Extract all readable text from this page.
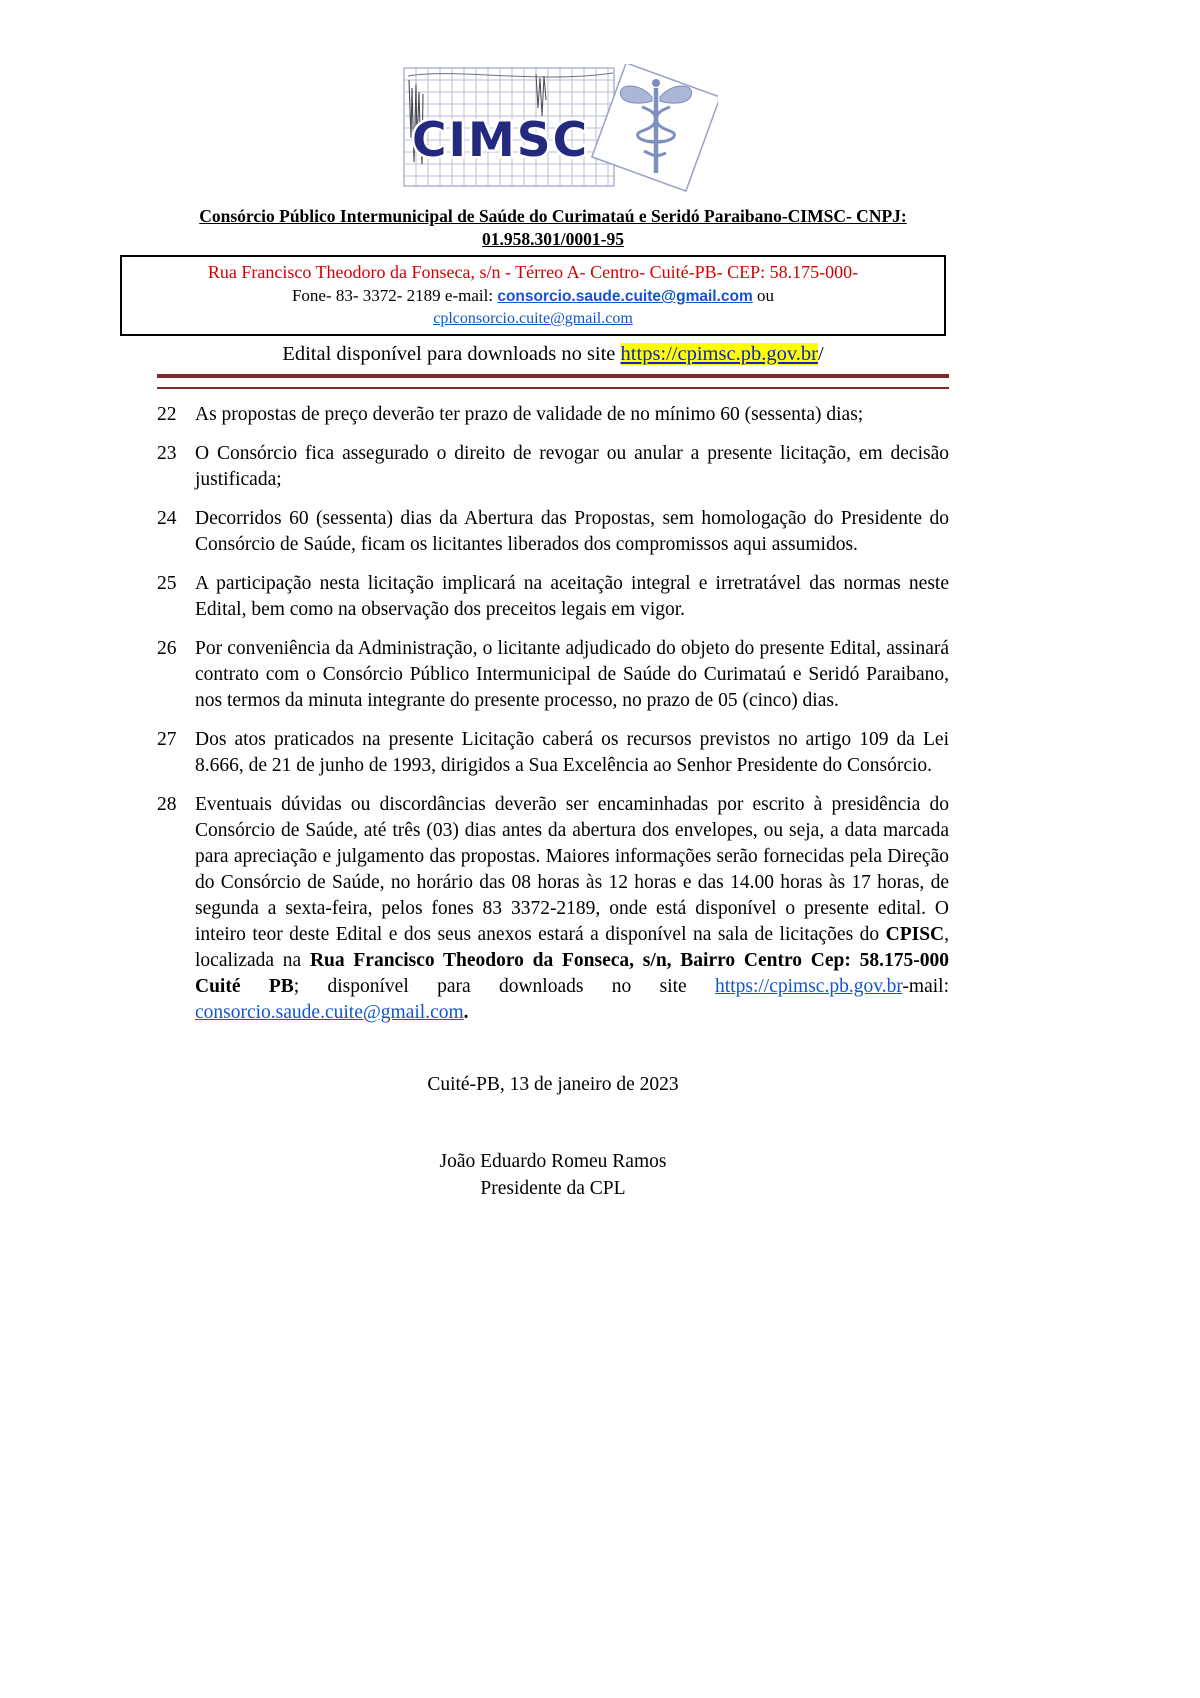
CIMSC
Consórcio Público Intermunicipal de Saúde do Curimataú e Seridó Paraibano-CIMSC- CNPJ:
01.958.301/0001-95
Rua Francisco Theodoro da Fonseca, s/n - Térreo A- Centro- Cuité-PB- CEP: 58.175-000-
Fone- 83- 3372- 2189 e-mail: consorcio.saude.cuite@gmail.com ou
cplconsorcio.cuite@gmail.com
Edital disponível para downloads no site https://cpimsc.pb.gov.br/
22 As propostas de preço deverão ter prazo de validade de no mínimo 60 (sessenta) dias;
23 O Consórcio fica assegurado o direito de revogar ou anular a presente licitação, em decisão justificada;
24 Decorridos 60 (sessenta) dias da Abertura das Propostas, sem homologação do Presidente do Consórcio de Saúde, ficam os licitantes liberados dos compromissos aqui assumidos.
25 A participação nesta licitação implicará na aceitação integral e irretratável das normas neste Edital, bem como na observação dos preceitos legais em vigor.
26 Por conveniência da Administração, o licitante adjudicado do objeto do presente Edital, assinará contrato com o Consórcio Público Intermunicipal de Saúde do Curimataú e Seridó Paraibano, nos termos da minuta integrante do presente processo, no prazo de 05 (cinco) dias.
27 Dos atos praticados na presente Licitação caberá os recursos previstos no artigo 109 da Lei 8.666, de 21 de junho de 1993, dirigidos a Sua Excelência ao Senhor Presidente do Consórcio.
28 Eventuais dúvidas ou discordâncias deverão ser encaminhadas por escrito à presidência do Consórcio de Saúde, até três (03) dias antes da abertura dos envelopes, ou seja, a data marcada para apreciação e julgamento das propostas. Maiores informações serão fornecidas pela Direção do Consórcio de Saúde, no horário das 08 horas às 12 horas e das 14.00 horas às 17 horas, de segunda a sexta-feira, pelos fones 83 3372-2189, onde está disponível o presente edital. O inteiro teor deste Edital e dos seus anexos estará a disponível na sala de licitações do CPISC, localizada na Rua Francisco Theodoro da Fonseca, s/n, Bairro Centro Cep: 58.175-000 Cuité PB; disponível para downloads no site https://cpimsc.pb.gov.br-mail: consorcio.saude.cuite@gmail.com.
Cuité-PB, 13 de janeiro de 2023
João Eduardo Romeu Ramos
Presidente da CPL
